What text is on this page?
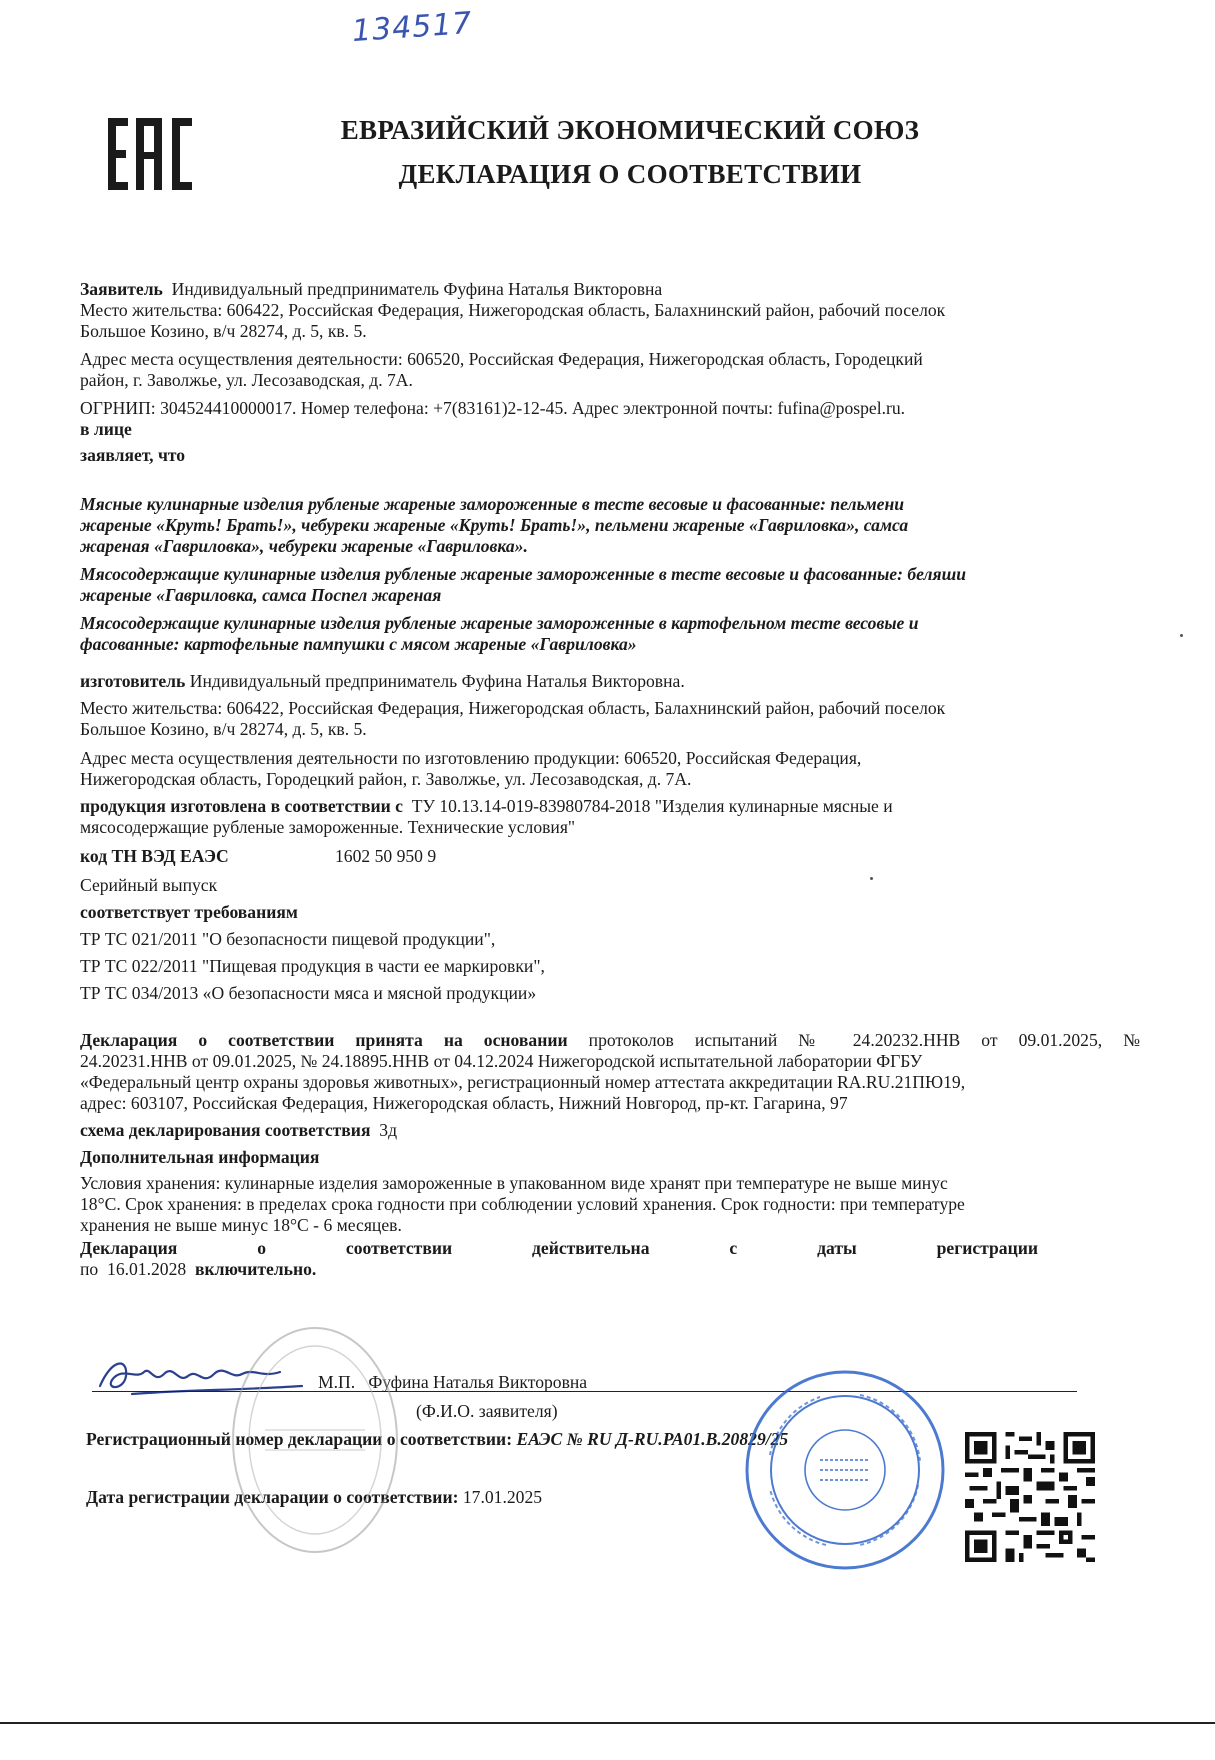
134517
ЕВРАЗИЙСКИЙ ЭКОНОМИЧЕСКИЙ СОЮЗ
ДЕКЛАРАЦИЯ О СООТВЕТСТВИИ

Заявитель Индивидуальный предприниматель Фуфина Наталья Викторовна

Место жительства: 606422, Российская Федерация, Нижегородская область, Балахнинский район, рабочий поселок

Большое Козино, в/ч 28274, д. 5, кв. 5.

Адрес места осуществления деятельности: 606520, Российская Федерация, Нижегородская область, Городецкий

район, г. Заволжье, ул. Лесозаводская, д. 7А.

ОГРНИП: 304524410000017. Номер телефона: +7(83161)2-12-45. Адрес электронной почты: fufina@pospel.ru.

в лице

заявляет, что

Мясные кулинарные изделия рубленые жареные замороженные в тесте весовые и фасованные: пельмени

жареные «Круть! Брать!», чебуреки жареные «Круть! Брать!», пельмени жареные «Гавриловка», самса

жареная «Гавриловка», чебуреки жареные «Гавриловка».

Мясосодержащие кулинарные изделия рубленые жареные замороженные в тесте весовые и фасованные: беляши

жареные «Гавриловка, самса Поспел жареная

Мясосодержащие кулинарные изделия рубленые жареные замороженные в картофельном тесте весовые и

фасованные: картофельные пампушки с мясом жареные «Гавриловка»

изготовитель Индивидуальный предприниматель Фуфина Наталья Викторовна.

Место жительства: 606422, Российская Федерация, Нижегородская область, Балахнинский район, рабочий поселок

Большое Козино, в/ч 28274, д. 5, кв. 5.

Адрес места осуществления деятельности по изготовлению продукции: 606520, Российская Федерация,

Нижегородская область, Городецкий район, г. Заволжье, ул. Лесозаводская, д. 7А.

продукция изготовлена в соответствии с ТУ 10.13.14-019-83980784-2018 "Изделия кулинарные мясные и

мясосодержащие рубленые замороженные. Технические условия"

код ТН ВЭД ЕАЭС	1602 50 950 9

Серийный выпуск

соответствует требованиям

ТР ТС 021/2011 "О безопасности пищевой продукции",

ТР ТС 022/2011 "Пищевая продукция в части ее маркировки",

ТР ТС 034/2013 «О безопасности мяса и мясной продукции»

Декларация о соответствии принята на основании протоколов испытаний № 24.20232.HHB от 09.01.2025, №

24.20231.HHB от 09.01.2025, № 24.18895.HHB от 04.12.2024 Нижегородской испытательной лаборатории ФГБУ

«Федеральный центр охраны здоровья животных», регистрационный номер аттестата аккредитации RA.RU.21ПЮ19,

адрес: 603107, Российская Федерация, Нижегородская область, Нижний Новгород, пр-кт. Гагарина, 97

схема декларирования соответствия 3д

Дополнительная информация

Условия хранения: кулинарные изделия замороженные в упакованном виде хранят при температуре не выше минус

18°С. Срок хранения: в пределах срока годности при соблюдении условий хранения. Срок годности: при температуре

хранения не выше минус 18°С - 6 месяцев.

Декларация о соответствии действительна с даты регистрации

по 16.01.2028 включительно.

М.П. Фуфина Наталья Викторовна

(Ф.И.О. заявителя)

Регистрационный номер декларации о соответствии: ЕАЭС № RU Д-RU.РА01.В.20829/25

Дата регистрации декларации о соответствии: 17.01.2025
